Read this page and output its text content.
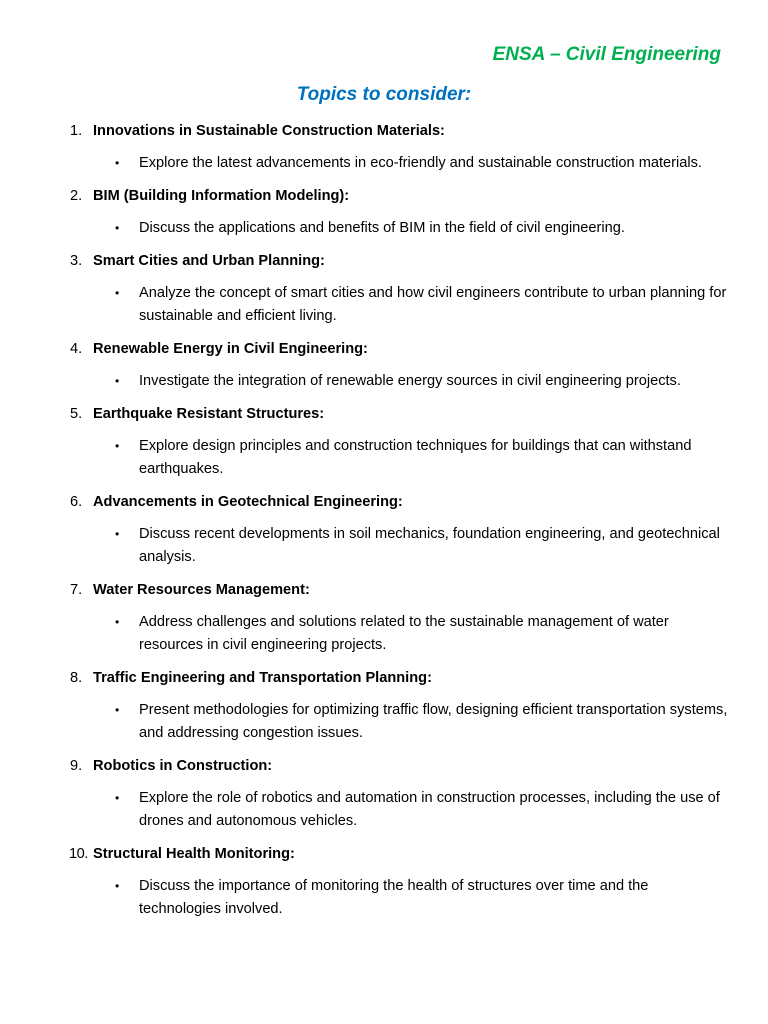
ENSA – Civil Engineering
Topics to consider:
1. Innovations in Sustainable Construction Materials:
• Explore the latest advancements in eco-friendly and sustainable construction materials.
2. BIM (Building Information Modeling):
• Discuss the applications and benefits of BIM in the field of civil engineering.
3. Smart Cities and Urban Planning:
• Analyze the concept of smart cities and how civil engineers contribute to urban planning for sustainable and efficient living.
4. Renewable Energy in Civil Engineering:
• Investigate the integration of renewable energy sources in civil engineering projects.
5. Earthquake Resistant Structures:
• Explore design principles and construction techniques for buildings that can withstand earthquakes.
6. Advancements in Geotechnical Engineering:
• Discuss recent developments in soil mechanics, foundation engineering, and geotechnical analysis.
7. Water Resources Management:
• Address challenges and solutions related to the sustainable management of water resources in civil engineering projects.
8. Traffic Engineering and Transportation Planning:
• Present methodologies for optimizing traffic flow, designing efficient transportation systems, and addressing congestion issues.
9. Robotics in Construction:
• Explore the role of robotics and automation in construction processes, including the use of drones and autonomous vehicles.
10. Structural Health Monitoring:
• Discuss the importance of monitoring the health of structures over time and the technologies involved.
